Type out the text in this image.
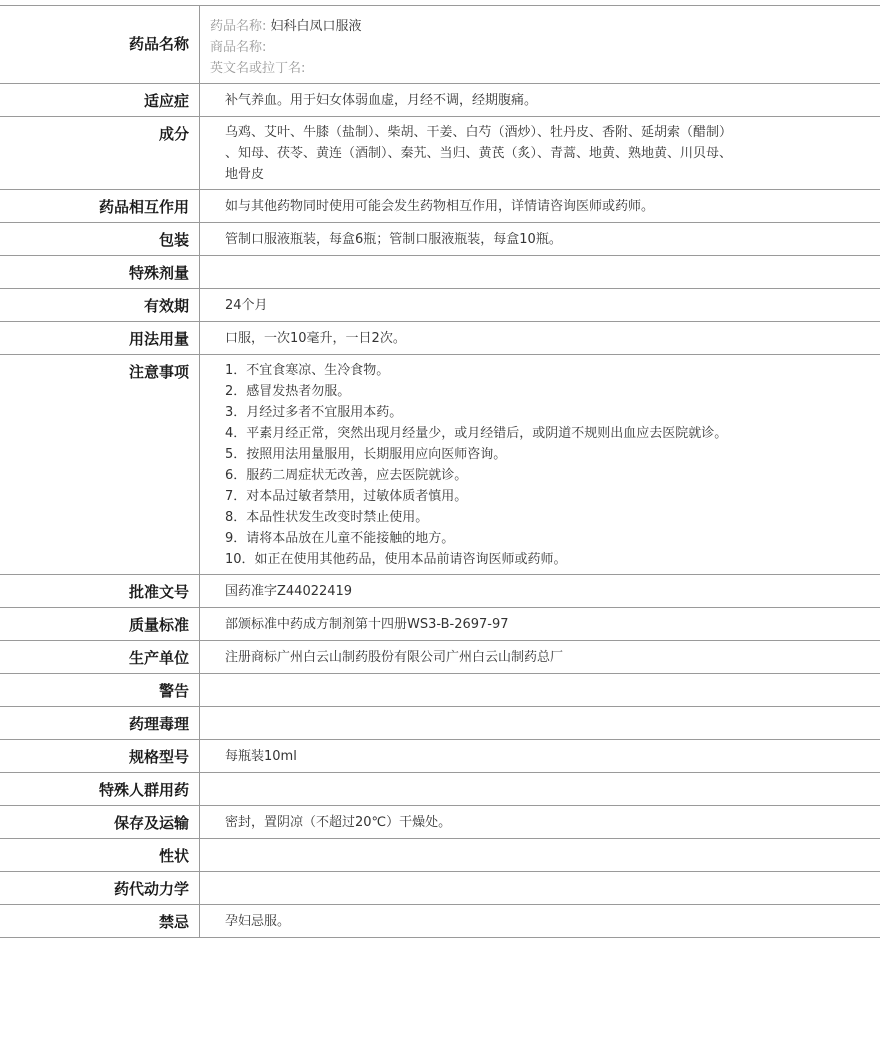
药品名称
药品名称: 妇科白凤口服液
商品名称:
英文名或拉丁名:
适应症	补气养血。用于妇女体弱血虚，月经不调，经期腹痛。
成分	乌鸡、艾叶、牛膝（盐制）、柴胡、干姜、白芍（酒炒）、牡丹皮、香附、延胡索（醋制）
、知母、茯苓、黄连（酒制）、秦艽、当归、黄芪（炙）、青蒿、地黄、熟地黄、川贝母、
地骨皮
药品相互作用	如与其他药物同时使用可能会发生药物相互作用，详情请咨询医师或药师。
包装	管制口服液瓶装，每盒6瓶；管制口服液瓶装，每盒10瓶。
特殊剂量
有效期	24个月
用法用量	口服，一次10毫升，一日2次。
注意事项	1．不宜食寒凉、生冷食物。
2．感冒发热者勿服。
3．月经过多者不宜服用本药。
4．平素月经正常，突然出现月经量少，或月经错后，或阴道不规则出血应去医院就诊。
5．按照用法用量服用，长期服用应向医师咨询。
6．服药二周症状无改善，应去医院就诊。
7．对本品过敏者禁用，过敏体质者慎用。
8．本品性状发生改变时禁止使用。
9．请将本品放在儿童不能接触的地方。
10．如正在使用其他药品，使用本品前请咨询医师或药师。
批准文号	国药准字Z44022419
质量标准	部颁标准中药成方制剂第十四册WS3-B-2697-97
生产单位	注册商标广州白云山制药股份有限公司广州白云山制药总厂
警告
药理毒理
规格型号	每瓶装10ml
特殊人群用药
保存及运输	密封，置阴凉（不超过20℃）干燥处。
性状
药代动力学
禁忌	孕妇忌服。
